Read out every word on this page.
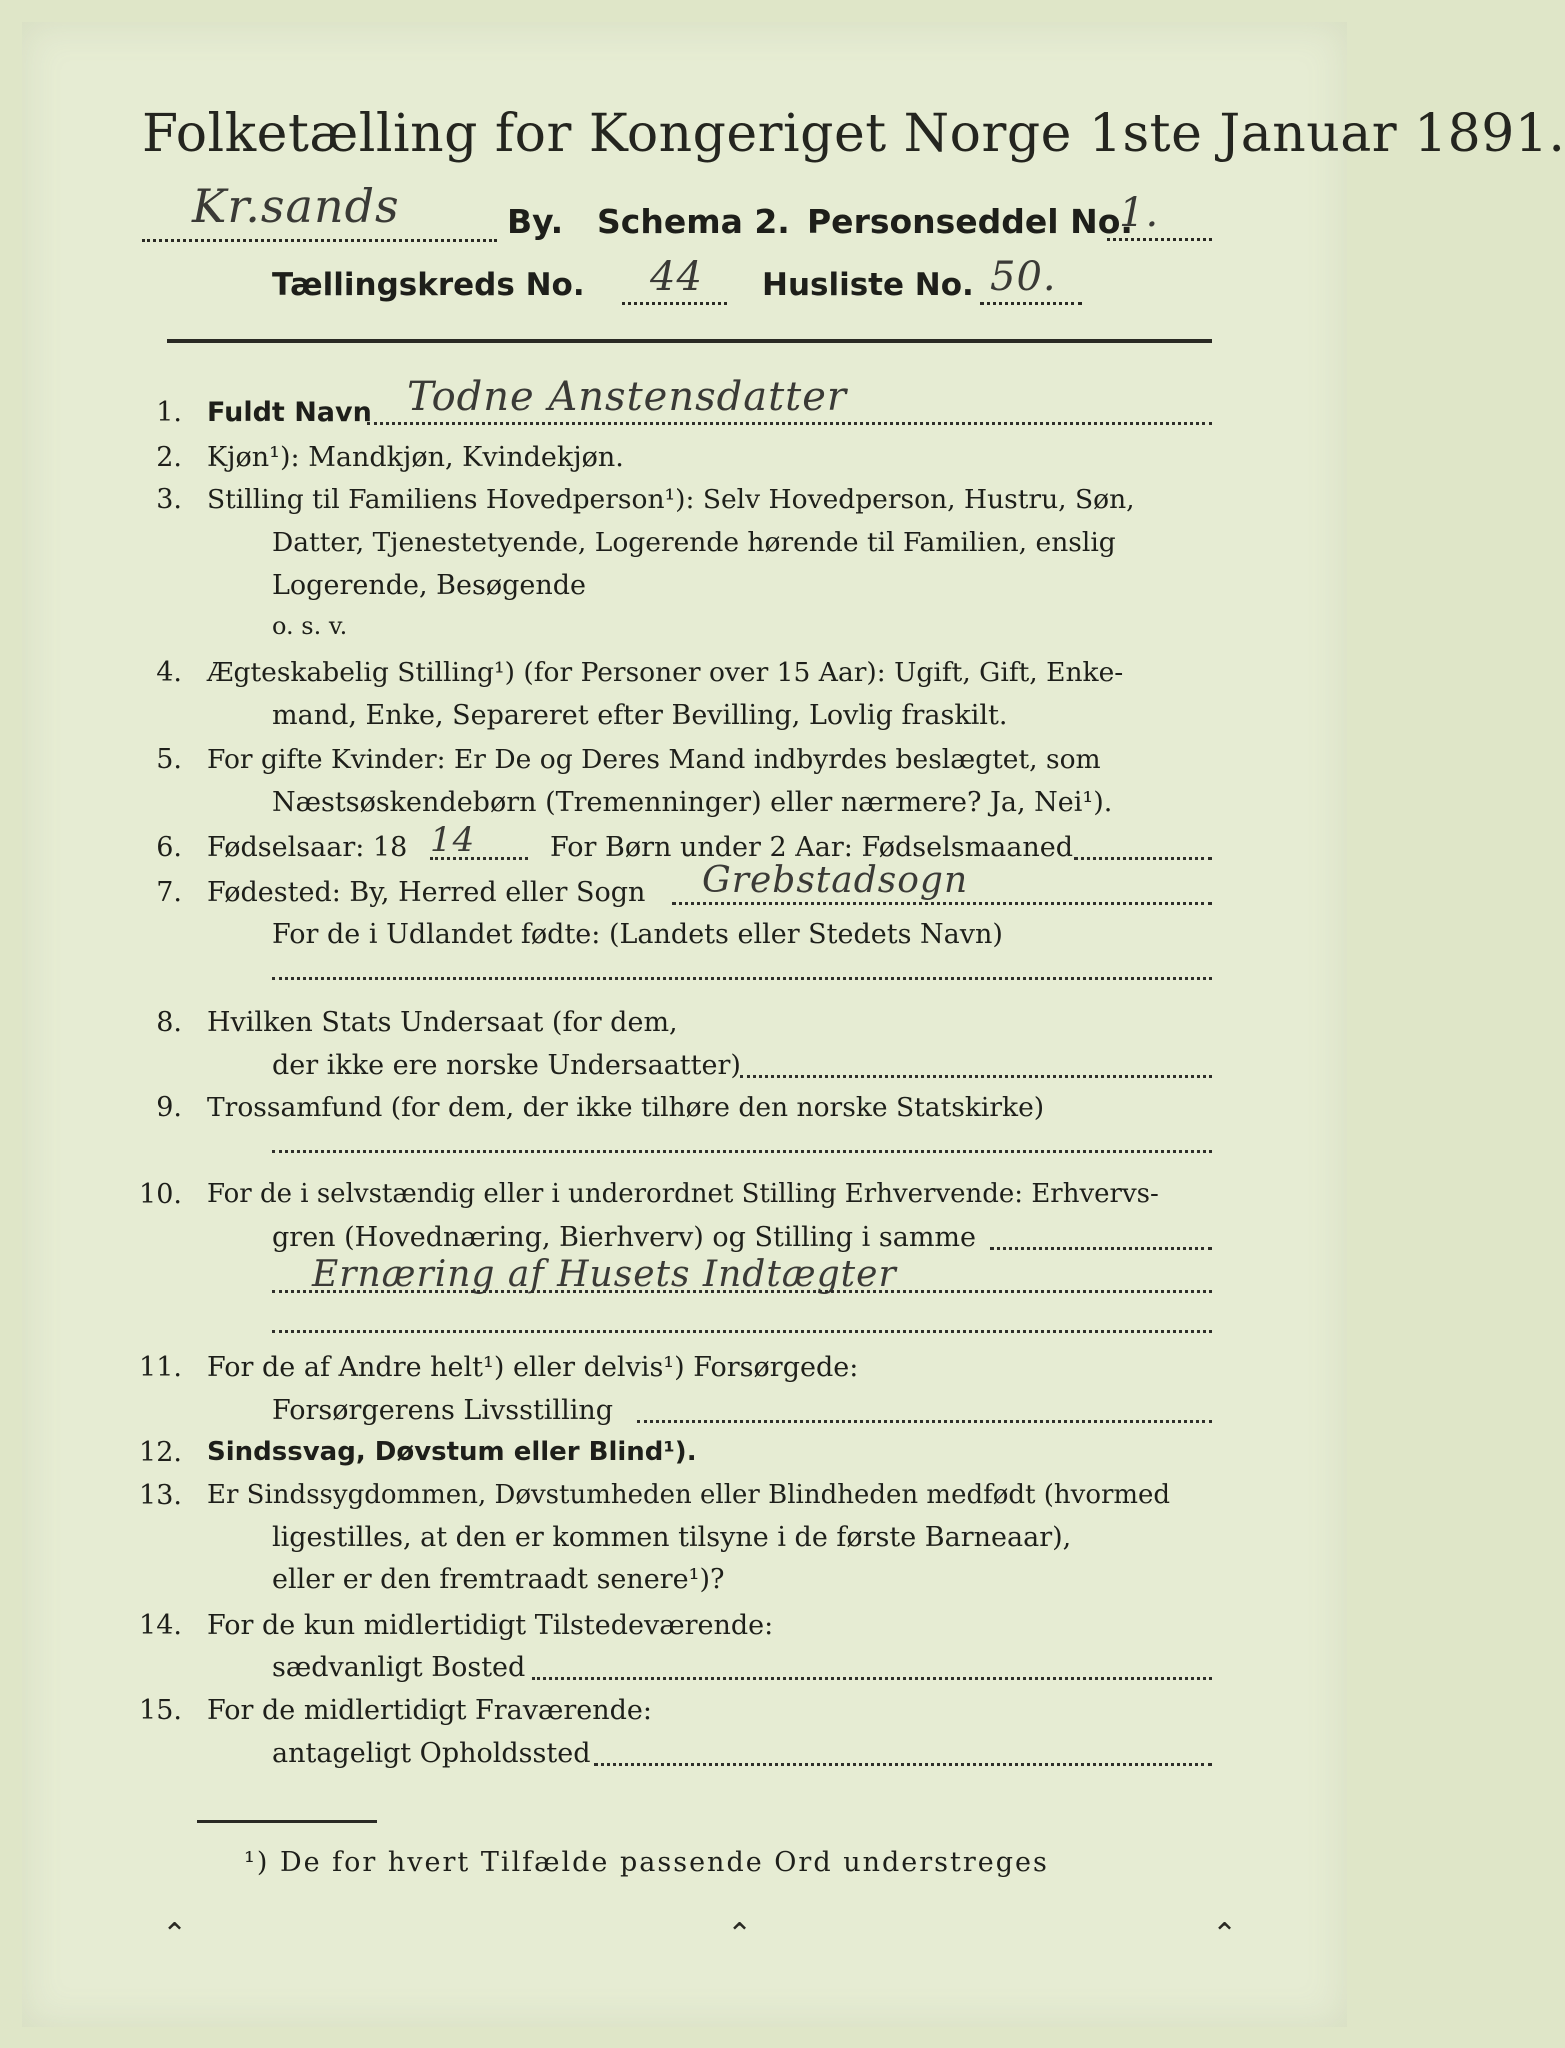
Folketælling for Kongeriget Norge 1ste Januar 1891.
Kr.sands	By. Schema 2. Personseddel No.
1.
Tællingskreds No. 44 Husliste No. 50.
1. Fuldt Navn Todne Anstensdatter
2. Kjøn¹): Mandkjøn, Kvindekjøn.
3. Stilling til Familiens Hovedperson¹): Selv Hovedperson, Hustru, Søn,
Datter, Tjenestetyende, Logerende hørende til Familien, enslig
Logerende, Besøgende
o. s. v.
4. Ægteskabelig Stilling¹) (for Personer over 15 Aar): Ugift, Gift, Enke-
mand, Enke, Separeret efter Bevilling, Lovlig fraskilt.
5. For gifte Kvinder: Er De og Deres Mand indbyrdes beslægtet, som
Næstsøskendebørn (Tremenninger) eller nærmere? Ja, Nei¹).
6. Fødselsaar: 18 14	For Børn under 2 Aar: Fødselsmaaned
7. Fødested: By, Herred eller Sogn Grebstadsogn
For de i Udlandet fødte: (Landets eller Stedets Navn)
8. Hvilken Stats Undersaat (for dem,
der ikke ere norske Undersaatter)
9. Trossamfund (for dem, der ikke tilhøre den norske Statskirke)
10. For de i selvstændig eller i underordnet Stilling Erhvervende: Erhvervs-
gren (Hovednæring, Bierhverv) og Stilling i samme
Ernæring af Husets Indtægter
11. For de af Andre helt¹) eller delvis¹) Forsørgede:
Forsørgerens Livsstilling
12. Sindssvag, Døvstum eller Blind¹).
13. Er Sindssygdommen, Døvstumheden eller Blindheden medfødt (hvormed
ligestilles, at den er kommen tilsyne i de første Barneaar),
eller er den fremtraadt senere¹)?
14. For de kun midlertidigt Tilstedeværende:
sædvanligt Bosted
15. For de midlertidigt Fraværende:
antageligt Opholdssted
¹) De for hvert Tilfælde passende Ord understreges
⌃	⌃	⌃
